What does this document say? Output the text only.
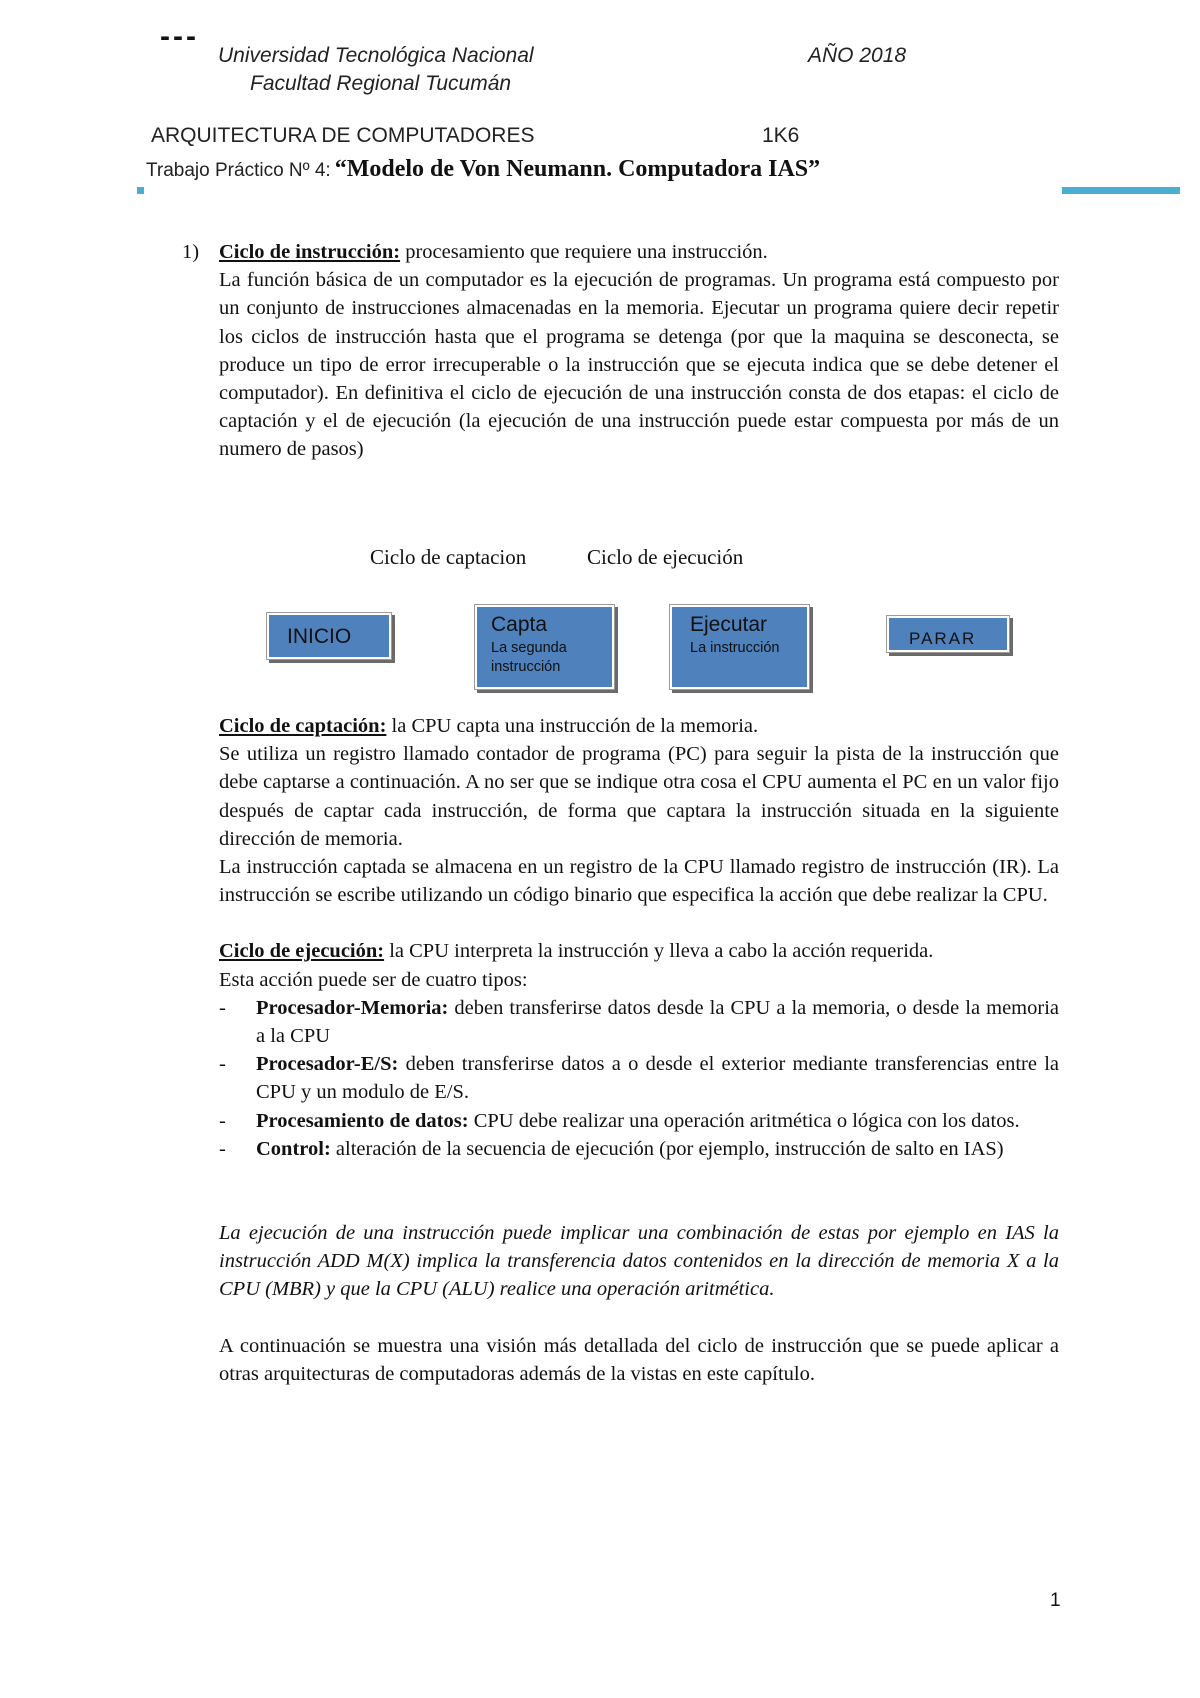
---
Universidad Tecnológica Nacional	AÑO 2018
Facultad Regional Tucumán
ARQUITECTURA DE COMPUTADORES	1K6
Trabajo Práctico Nº 4: “Modelo de Von Neumann. Computadora IAS”
1) Ciclo de instrucción: procesamiento que requiere una instrucción.

La función básica de un computador es la ejecución de programas. Un programa está compuesto por un conjunto de instrucciones almacenadas en la memoria. Ejecutar un programa quiere decir repetir los ciclos de instrucción hasta que el programa se detenga (por que la maquina se desconecta, se produce un tipo de error irrecuperable o la instrucción que se ejecuta indica que se debe detener el computador). En definitiva el ciclo de ejecución de una instrucción consta de dos etapas: el ciclo de captación y el de ejecución (la ejecución de una instrucción puede estar compuesta por más de un numero de pasos)

Ciclo de captacion	Ciclo de ejecución
INICIO
Capta
La segunda instrucción
Ejecutar
La instrucción	PARAR

Ciclo de captación: la CPU capta una instrucción de la memoria.

Se utiliza un registro llamado contador de programa (PC) para seguir la pista de la instrucción que debe captarse a continuación. A no ser que se indique otra cosa el CPU aumenta el PC en un valor fijo después de captar cada instrucción, de forma que captara la instrucción situada en la siguiente dirección de memoria.

La instrucción captada se almacena en un registro de la CPU llamado registro de instrucción (IR). La instrucción se escribe utilizando un código binario que especifica la acción que debe realizar la CPU.

Ciclo de ejecución: la CPU interpreta la instrucción y lleva a cabo la acción requerida.

Esta acción puede ser de cuatro tipos:

-	Procesador-Memoria: deben transferirse datos desde la CPU a la memoria, o desde la memoria a la CPU
-	Procesador-E/S: deben transferirse datos a o desde el exterior mediante transferencias entre la CPU y un modulo de E/S.
-	Procesamiento de datos: CPU debe realizar una operación aritmética o lógica con los datos.
-	Control: alteración de la secuencia de ejecución (por ejemplo, instrucción de salto en IAS)

La ejecución de una instrucción puede implicar una combinación de estas por ejemplo en IAS la instrucción ADD M(X) implica la transferencia datos contenidos en la dirección de memoria X a la CPU (MBR) y que la CPU (ALU) realice una operación aritmética.

A continuación se muestra una visión más detallada del ciclo de instrucción que se puede aplicar a otras arquitecturas de computadoras además de la vistas en este capítulo.

1
